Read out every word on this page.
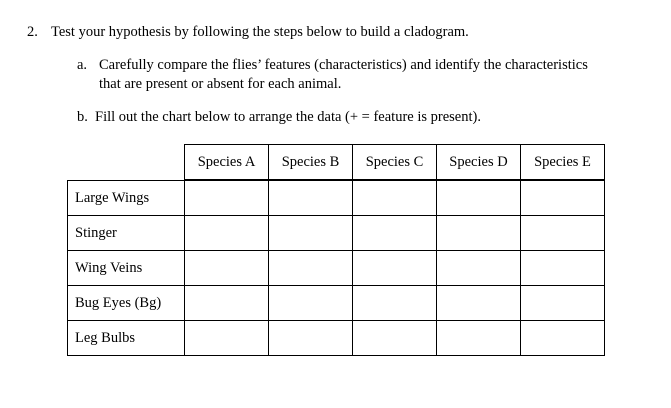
2. Test your hypothesis by following the steps below to build a cladogram.
a. Carefully compare the flies’ features (characteristics) and identify the characteristics
that are present or absent for each animal.
b. Fill out the chart below to arrange the data (+ = feature is present).
	Species A	Species B	Species C	Species D	Species E

Large Wings					
Stinger					
Wing Veins					
Bug Eyes (Bg)					
Leg Bulbs					
